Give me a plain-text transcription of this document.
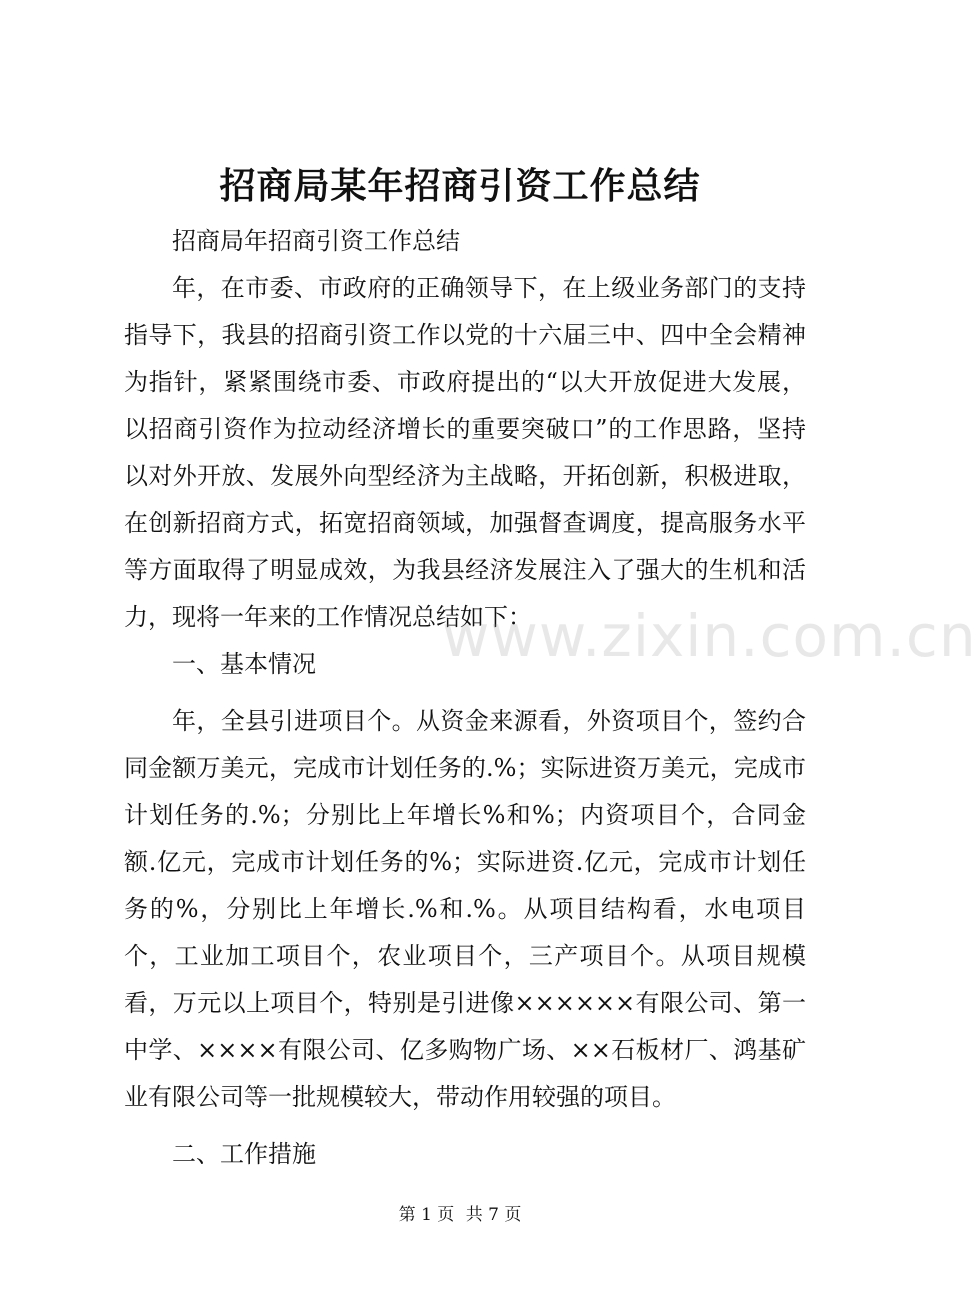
招商局某年招商引资工作总结

招商局年招商引资工作总结

年，在市委、市政府的正确领导下，在上级业务部门的支持指导下，我县的招商引资工作以党的十六届三中、四中全会精神为指针，紧紧围绕市委、市政府提出的“以大开放促进大发展，以招商引资作为拉动经济增长的重要突破口”的工作思路，坚持以对外开放、发展外向型经济为主战略，开拓创新，积极进取，在创新招商方式，拓宽招商领域，加强督查调度，提高服务水平等方面取得了明显成效，为我县经济发展注入了强大的生机和活力，现将一年来的工作情况总结如下：

一、基本情况

年，全县引进项目个。从资金来源看，外资项目个，签约合同金额万美元，完成市计划任务的.%；实际进资万美元，完成市计划任务的.%；分别比上年增长%和%；内资项目个，合同金额.亿元，完成市计划任务的%；实际进资.亿元，完成市计划任务的%，分别比上年增长.%和.%。从项目结构看，水电项目个，工业加工项目个，农业项目个，三产项目个。从项目规模看，万元以上项目个，特别是引进像××××××有限公司、第一中学、××××有限公司、亿多购物广场、××石板材厂、鸿基矿业有限公司等一批规模较大，带动作用较强的项目。

二、工作措施

www.zixin.com.cn
第 1 页 共 7 页
